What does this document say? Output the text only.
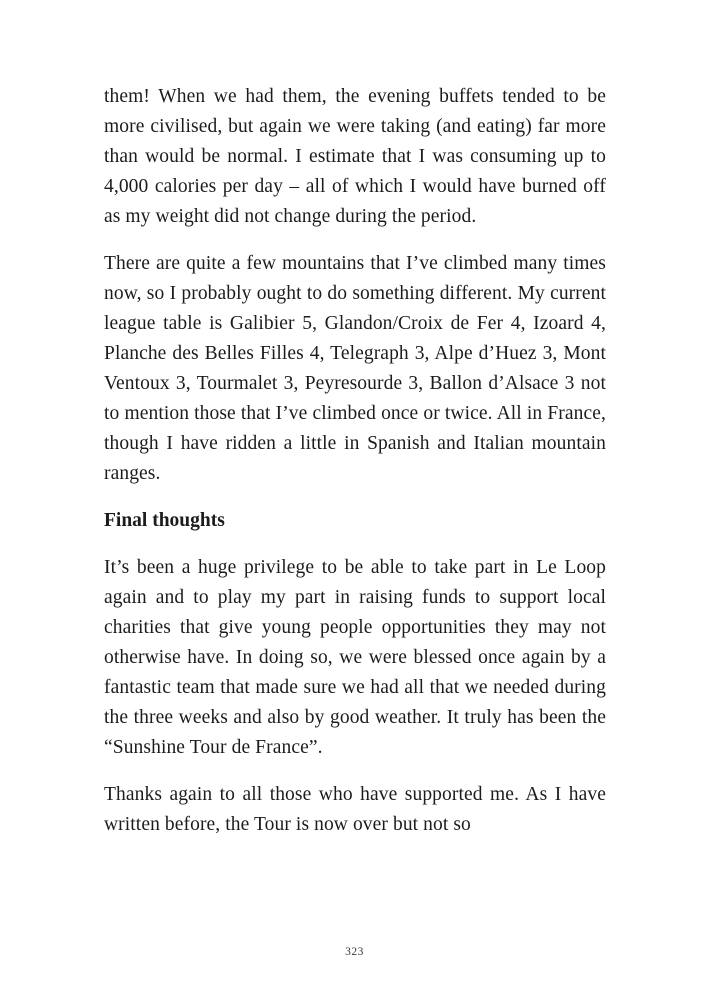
them! When we had them, the evening buffets tended to be more civilised, but again we were taking (and eating) far more than would be normal. I estimate that I was consuming up to 4,000 calories per day – all of which I would have burned off as my weight did not change during the period.

There are quite a few mountains that I’ve climbed many times now, so I probably ought to do something different. My current league table is Galibier 5, Glandon/Croix de Fer 4, Izoard 4, Planche des Belles Filles 4, Telegraph 3, Alpe d’Huez 3, Mont Ventoux 3, Tourmalet 3, Peyresourde 3, Ballon d’Alsace 3 not to mention those that I’ve climbed once or twice. All in France, though I have ridden a little in Spanish and Italian mountain ranges.

Final thoughts

It’s been a huge privilege to be able to take part in Le Loop again and to play my part in raising funds to support local charities that give young people opportunities they may not otherwise have. In doing so, we were blessed once again by a fantastic team that made sure we had all that we needed during the three weeks and also by good weather. It truly has been the “Sunshine Tour de France”.

Thanks again to all those who have supported me. As I have written before, the Tour is now over but not so

323
